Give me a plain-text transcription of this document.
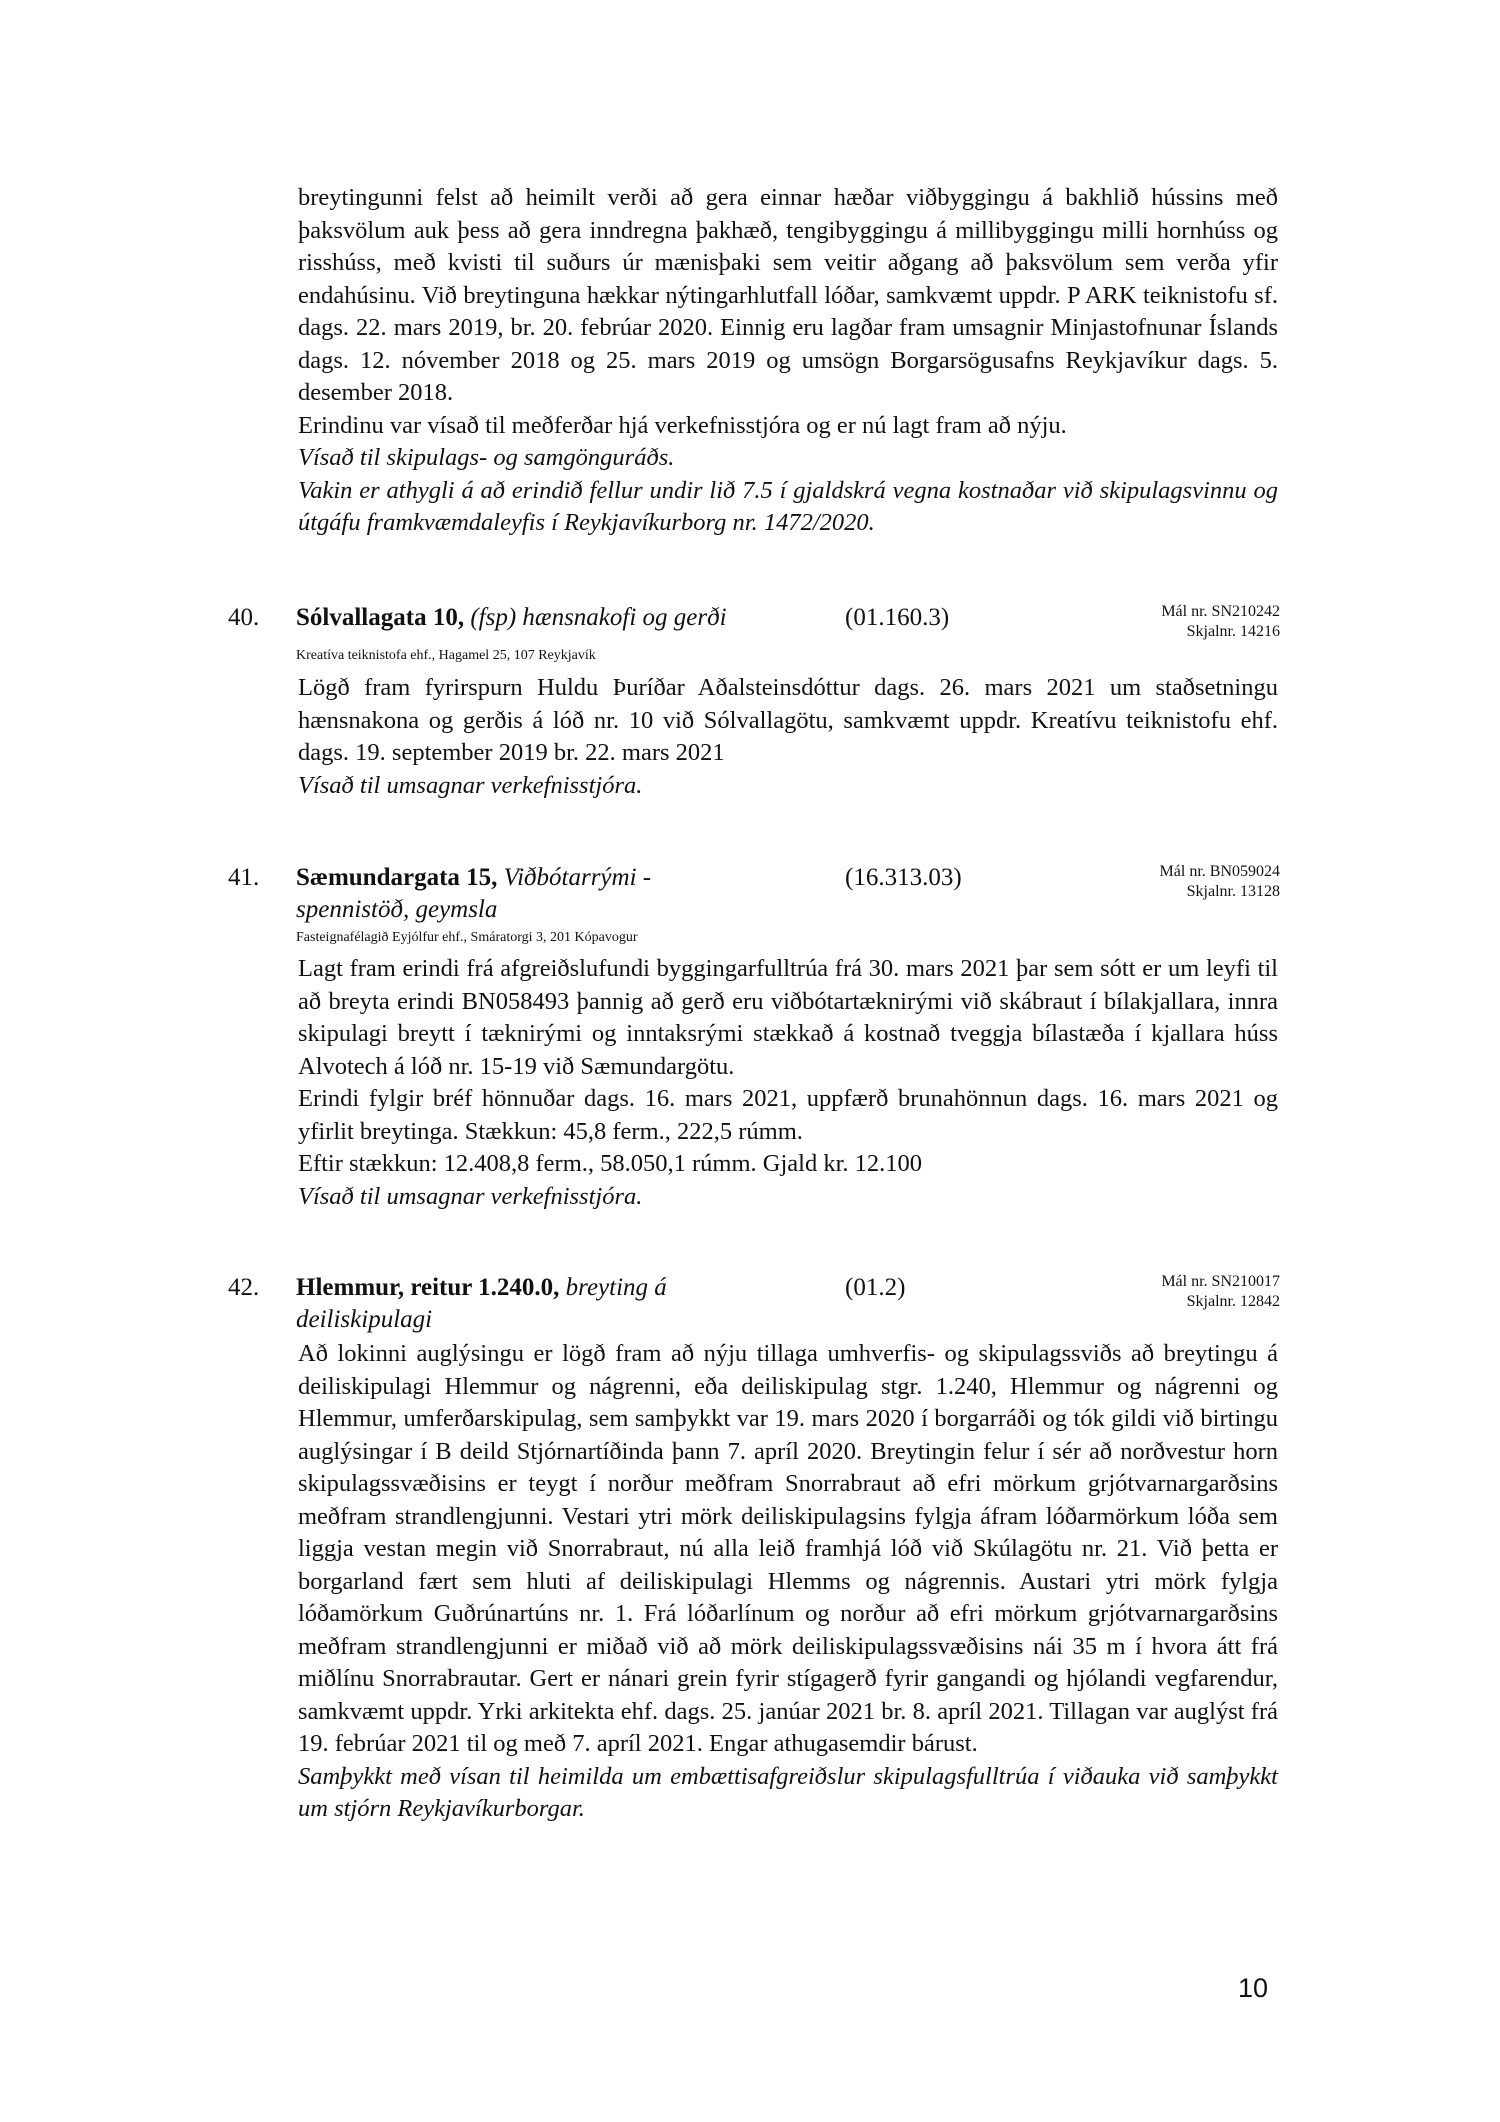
breytingunni felst að heimilt verði að gera einnar hæðar viðbyggingu á bakhlið hússins með þaksvölum auk þess að gera inndregna þakhæð, tengibyggingu á millibyggingu milli hornhúss og risshúss, með kvisti til suðurs úr mænisþaki sem veitir aðgang að þaksvölum sem verða yfir endahúsinu. Við breytinguna hækkar nýtingarhlutfall lóðar, samkvæmt uppdr. P ARK teiknistofu sf. dags. 22. mars 2019, br. 20. febrúar 2020. Einnig eru lagðar fram umsagnir Minjastofnunar Íslands dags. 12. nóvember 2018 og 25. mars 2019 og umsögn Borgarsögusafns Reykjavíkur dags. 5. desember 2018.

Erindinu var vísað til meðferðar hjá verkefnisstjóra og er nú lagt fram að nýju.

Vísað til skipulags- og samgönguráðs.

Vakin er athygli á að erindið fellur undir lið 7.5 í gjaldskrá vegna kostnaðar við skipulagsvinnu og útgáfu framkvæmdaleyfis í Reykjavíkurborg nr. 1472/2020.

40. Sólvallagata 10, (fsp) hænsnakofi og gerði	(01.160.3)	Mál nr. SN210242
Skjalnr. 14216
Kreatíva teiknistofa ehf., Hagamel 25, 107 Reykjavík

Lögð fram fyrirspurn Huldu Þuríðar Aðalsteinsdóttur dags. 26. mars 2021 um staðsetningu hænsnakona og gerðis á lóð nr. 10 við Sólvallagötu, samkvæmt uppdr. Kreatívu teiknistofu ehf. dags. 19. september 2019 br. 22. mars 2021

Vísað til umsagnar verkefnisstjóra.

41. Sæmundargata 15, Viðbótarrými - spennistöð, geymsla
(16.313.03)	Mál nr. BN059024
Skjalnr. 13128
Fasteignafélagið Eyjólfur ehf., Smáratorgi 3, 201 Kópavogur

Lagt fram erindi frá afgreiðslufundi byggingarfulltrúa frá 30. mars 2021 þar sem sótt er um leyfi til að breyta erindi BN058493 þannig að gerð eru viðbótartæknirými við skábraut í bílakjallara, innra skipulagi breytt í tæknirými og inntaksrými stækkað á kostnað tveggja bílastæða í kjallara húss Alvotech á lóð nr. 15-19 við Sæmundargötu.

Erindi fylgir bréf hönnuðar dags. 16. mars 2021, uppfærð brunahönnun dags. 16. mars 2021 og yfirlit breytinga. Stækkun: 45,8 ferm., 222,5 rúmm.

Eftir stækkun: 12.408,8 ferm., 58.050,1 rúmm. Gjald kr. 12.100

Vísað til umsagnar verkefnisstjóra.

42. Hlemmur, reitur 1.240.0, breyting á deiliskipulagi
(01.2)	Mál nr. SN210017
Skjalnr. 12842

Að lokinni auglýsingu er lögð fram að nýju tillaga umhverfis- og skipulagssviðs að breytingu á deiliskipulagi Hlemmur og nágrenni, eða deiliskipulag stgr. 1.240, Hlemmur og nágrenni og Hlemmur, umferðarskipulag, sem samþykkt var 19. mars 2020 í borgarráði og tók gildi við birtingu auglýsingar í B deild Stjórnartíðinda þann 7. apríl 2020. Breytingin felur í sér að norðvestur horn skipulagssvæðisins er teygt í norður meðfram Snorrabraut að efri mörkum grjótvarnargarðsins meðfram strandlengjunni. Vestari ytri mörk deiliskipulagsins fylgja áfram lóðarmörkum lóða sem liggja vestan megin við Snorrabraut, nú alla leið framhjá lóð við Skúlagötu nr. 21. Við þetta er borgarland fært sem hluti af deiliskipulagi Hlemms og nágrennis. Austari ytri mörk fylgja lóðamörkum Guðrúnartúns nr. 1. Frá lóðarlínum og norður að efri mörkum grjótvarnargarðsins meðfram strandlengjunni er miðað við að mörk deiliskipulagssvæðisins nái 35 m í hvora átt frá miðlínu Snorrabrautar. Gert er nánari grein fyrir stígagerð fyrir gangandi og hjólandi vegfarendur, samkvæmt uppdr. Yrki arkitekta ehf. dags. 25. janúar 2021 br. 8. apríl 2021. Tillagan var auglýst frá 19. febrúar 2021 til og með 7. apríl 2021. Engar athugasemdir bárust.

Samþykkt með vísan til heimilda um embættisafgreiðslur skipulagsfulltrúa í viðauka við samþykkt um stjórn Reykjavíkurborgar.

10
